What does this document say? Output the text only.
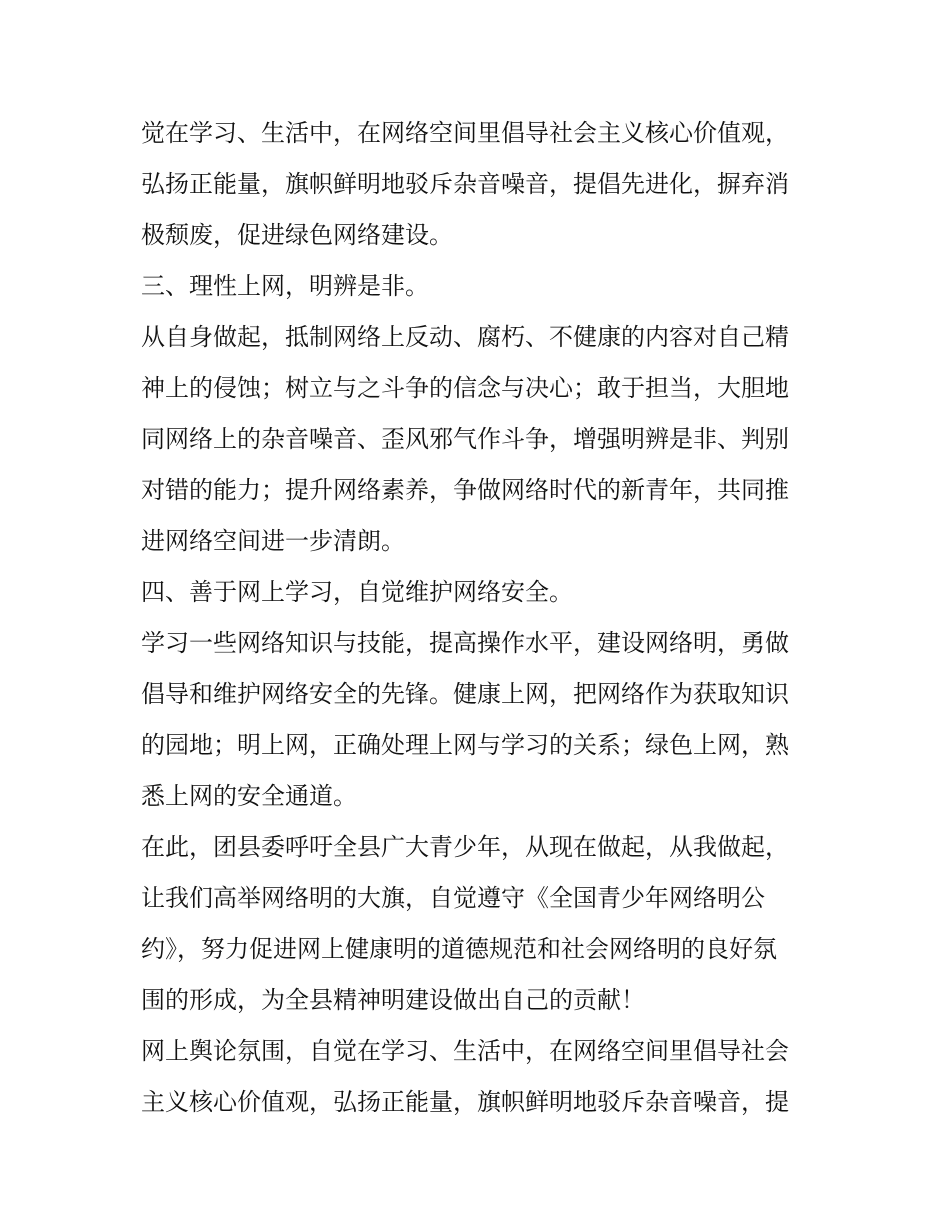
觉在学习、生活中，在网络空间里倡导社会主义核心价值观，
弘扬正能量，旗帜鲜明地驳斥杂音噪音，提倡先进化，摒弃消
极颓废，促进绿色网络建设。
三、理性上网，明辨是非。
从自身做起，抵制网络上反动、腐朽、不健康的内容对自己精
神上的侵蚀；树立与之斗争的信念与决心；敢于担当，大胆地
同网络上的杂音噪音、歪风邪气作斗争，增强明辨是非、判别
对错的能力；提升网络素养，争做网络时代的新青年，共同推
进网络空间进一步清朗。
四、善于网上学习，自觉维护网络安全。
学习一些网络知识与技能，提高操作水平，建设网络明，勇做
倡导和维护网络安全的先锋。健康上网，把网络作为获取知识
的园地；明上网，正确处理上网与学习的关系；绿色上网，熟
悉上网的安全通道。
在此，团县委呼吁全县广大青少年，从现在做起，从我做起，
让我们高举网络明的大旗，自觉遵守《全国青少年网络明公
约》，努力促进网上健康明的道德规范和社会网络明的良好氛
围的形成，为全县精神明建设做出自己的贡献！
网上舆论氛围，自觉在学习、生活中，在网络空间里倡导社会
主义核心价值观，弘扬正能量，旗帜鲜明地驳斥杂音噪音，提
